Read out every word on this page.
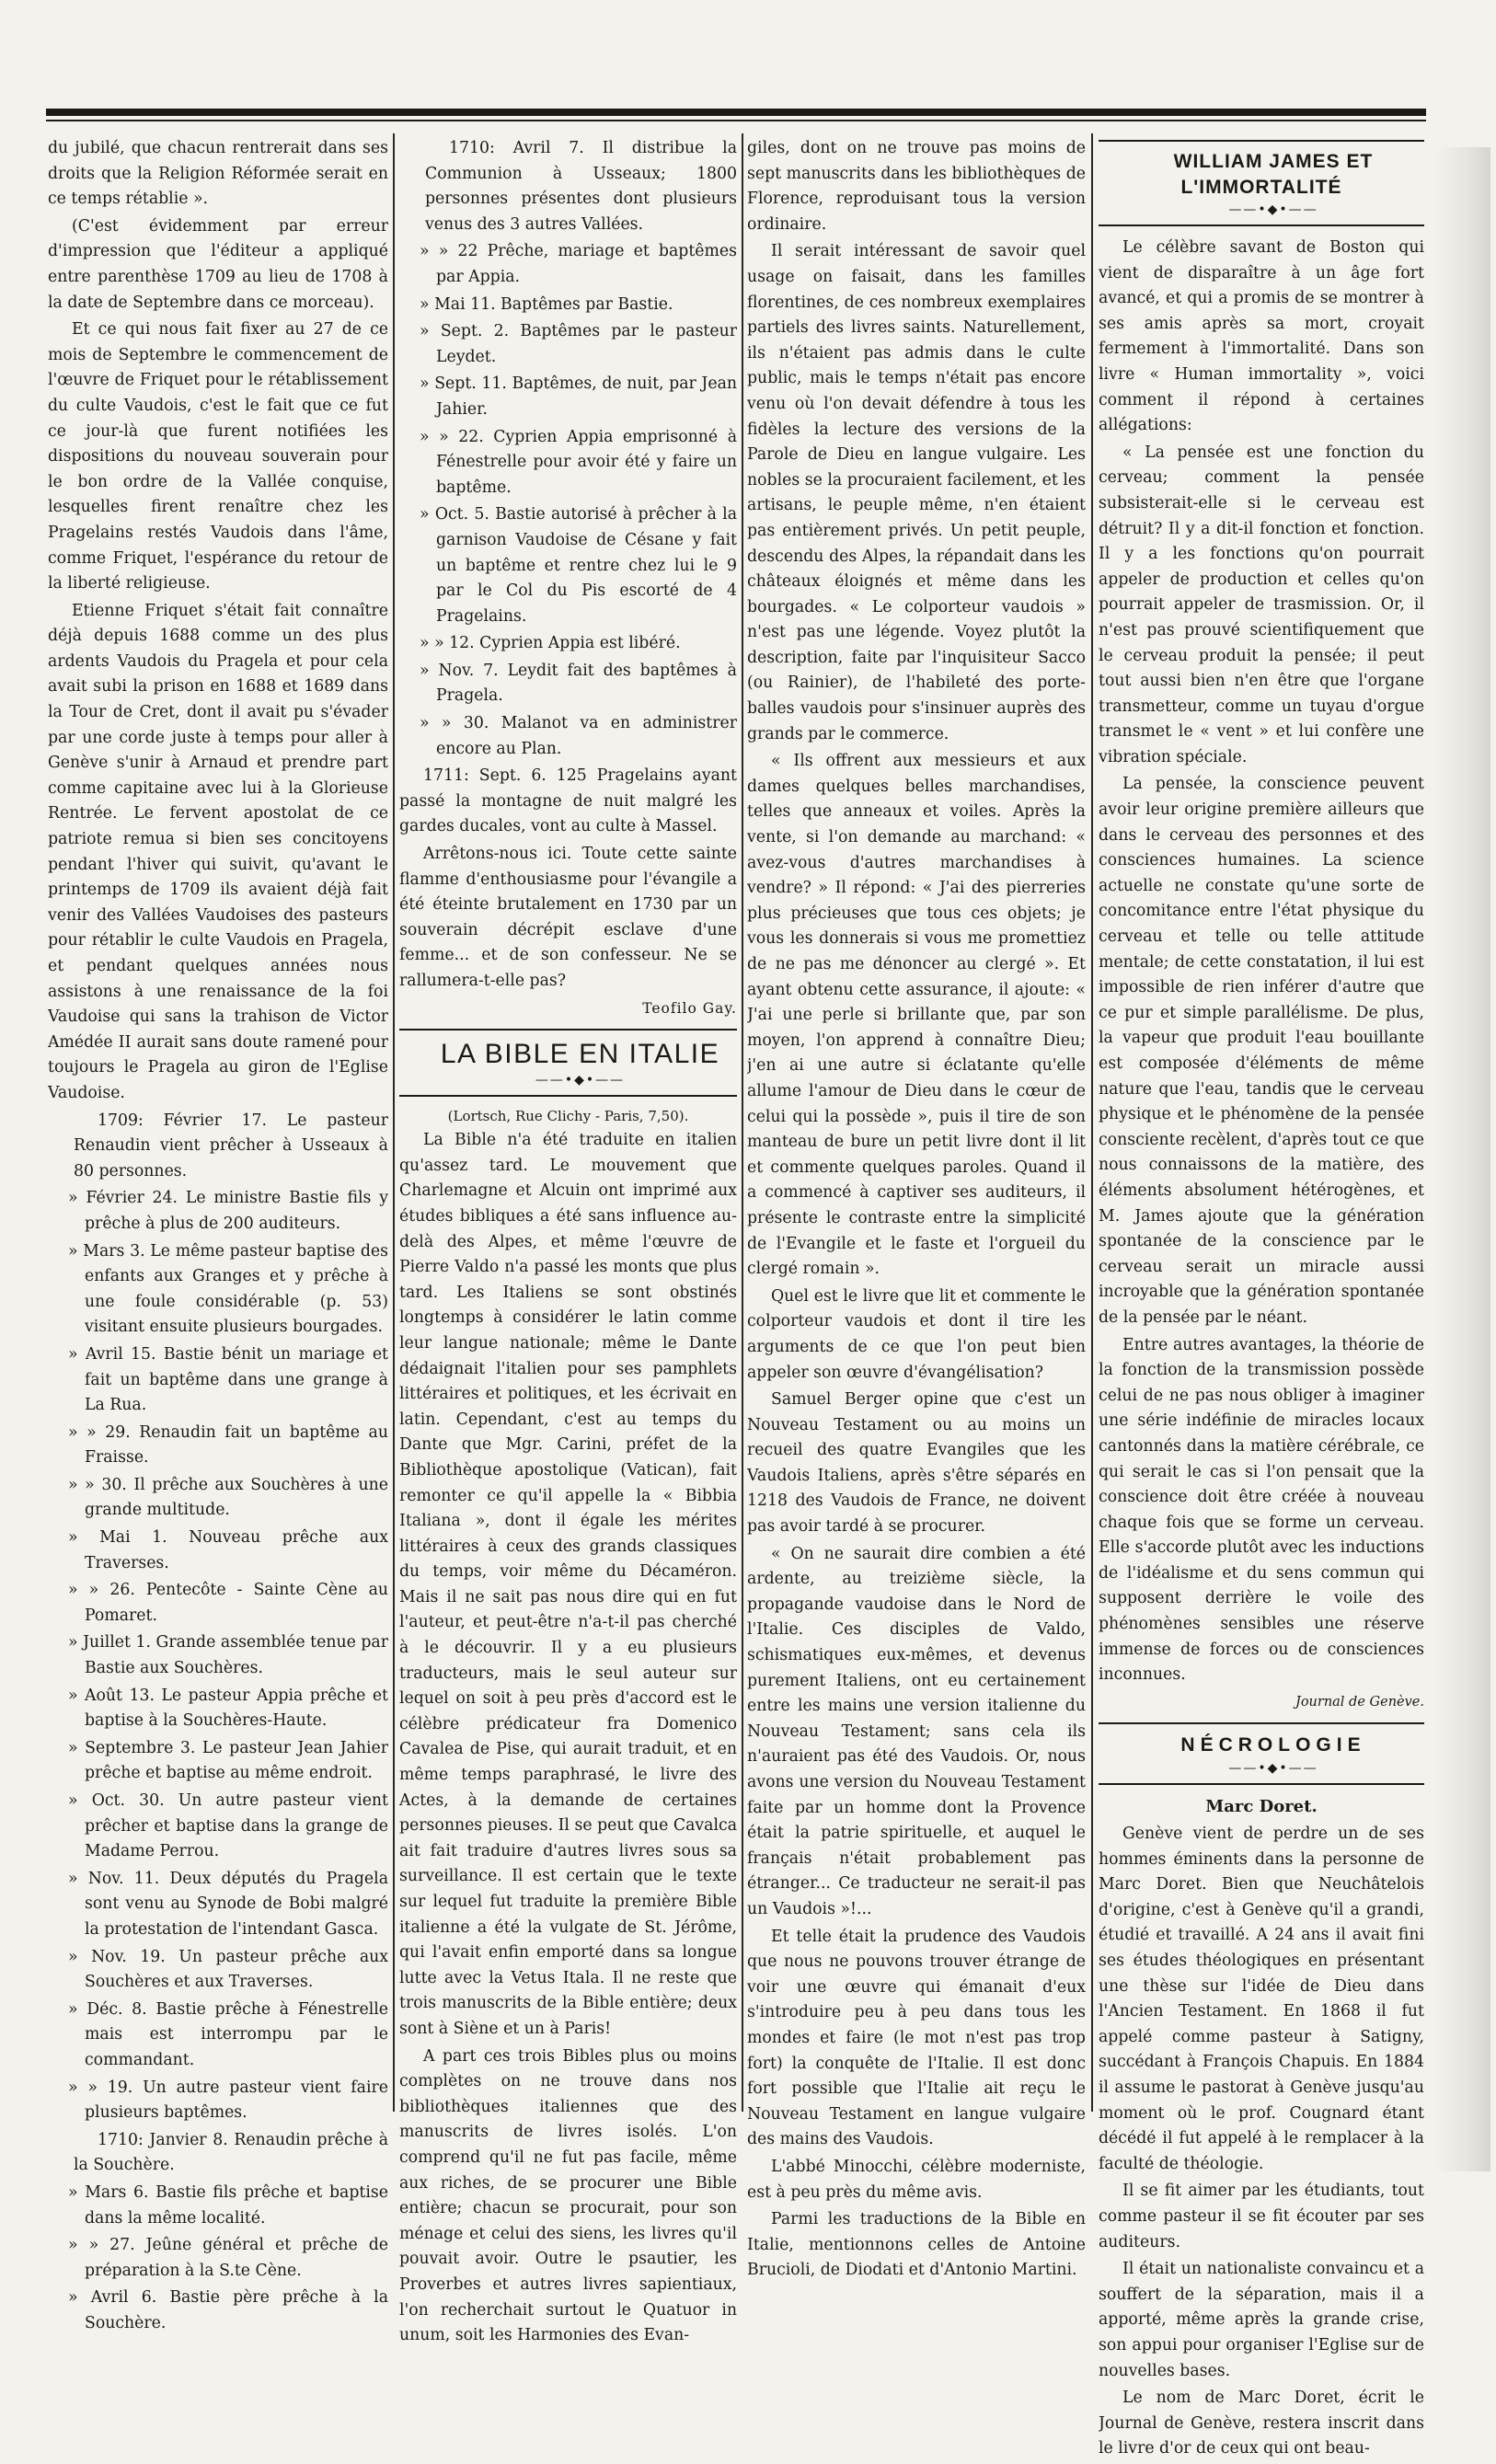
du jubilé, que chacun rentrerait dans ses droits que la Religion Réformée serait en ce temps rétablie ».

(C'est évidemment par erreur d'impression que l'éditeur a appliqué entre parenthèse 1709 au lieu de 1708 à la date de Septembre dans ce morceau).

Et ce qui nous fait fixer au 27 de ce mois de Septembre le commencement de l'œuvre de Friquet pour le rétablissement du culte Vaudois, c'est le fait que ce fut ce jour-là que furent notifiées les dispositions du nouveau souverain pour le bon ordre de la Vallée conquise, lesquelles firent renaître chez les Pragelains restés Vaudois dans l'âme, comme Friquet, l'espérance du retour de la liberté religieuse.

Etienne Friquet s'était fait connaître déjà depuis 1688 comme un des plus ardents Vaudois du Pragela et pour cela avait subi la prison en 1688 et 1689 dans la Tour de Cret, dont il avait pu s'évader par une corde juste à temps pour aller à Genève s'unir à Arnaud et prendre part comme capitaine avec lui à la Glorieuse Rentrée. Le fervent apostolat de ce patriote remua si bien ses concitoyens pendant l'hiver qui suivit, qu'avant le printemps de 1709 ils avaient déjà fait venir des Vallées Vaudoises des pasteurs pour rétablir le culte Vaudois en Pragela, et pendant quelques années nous assistons à une renaissance de la foi Vaudoise qui sans la trahison de Victor Amédée II aurait sans doute ramené pour toujours le Pragela au giron de l'Eglise Vaudoise.

1709: Février 17. Le pasteur Renaudin vient prêcher à Usseaux à 80 personnes.

» Février 24. Le ministre Bastie fils y prêche à plus de 200 auditeurs.

» Mars 3. Le même pasteur baptise des enfants aux Granges et y prêche à une foule considérable (p. 53) visitant ensuite plusieurs bourgades.

» Avril 15. Bastie bénit un mariage et fait un baptême dans une grange à La Rua.

» » 29. Renaudin fait un baptême au Fraisse.

» » 30. Il prêche aux Souchères à une grande multitude.

» Mai 1. Nouveau prêche aux Traverses.

» » 26. Pentecôte - Sainte Cène au Pomaret.

» Juillet 1. Grande assemblée tenue par Bastie aux Souchères.

» Août 13. Le pasteur Appia prêche et baptise à la Souchères-Haute.

» Septembre 3. Le pasteur Jean Jahier prêche et baptise au même endroit.

» Oct. 30. Un autre pasteur vient prêcher et baptise dans la grange de Madame Perrou.

» Nov. 11. Deux députés du Pragela sont venu au Synode de Bobi malgré la protestation de l'intendant Gasca.

» Nov. 19. Un pasteur prêche aux Souchères et aux Traverses.

» Déc. 8. Bastie prêche à Fénestrelle mais est interrompu par le commandant.

» » 19. Un autre pasteur vient faire plusieurs baptêmes.

1710: Janvier 8. Renaudin prêche à la Souchère.

» Mars 6. Bastie fils prêche et baptise dans la même localité.

» » 27. Jeûne général et prêche de préparation à la S.te Cène.

» Avril 6. Bastie père prêche à la Souchère.

1710: Avril 7. Il distribue la Communion à Usseaux; 1800 personnes présentes dont plusieurs venus des 3 autres Vallées.

» » 22 Prêche, mariage et baptêmes par Appia.

» Mai 11. Baptêmes par Bastie.

» Sept. 2. Baptêmes par le pasteur Leydet.

» Sept. 11. Baptêmes, de nuit, par Jean Jahier.

» » 22. Cyprien Appia emprisonné à Fénestrelle pour avoir été y faire un baptême.

» Oct. 5. Bastie autorisé à prêcher à la garnison Vaudoise de Césane y fait un baptême et rentre chez lui le 9 par le Col du Pis escorté de 4 Pragelains.

» » 12. Cyprien Appia est libéré.

» Nov. 7. Leydit fait des baptêmes à Pragela.

» » 30. Malanot va en administrer encore au Plan.

1711: Sept. 6. 125 Pragelains ayant passé la montagne de nuit malgré les gardes ducales, vont au culte à Massel.

Arrêtons-nous ici. Toute cette sainte flamme d'enthousiasme pour l'évangile a été éteinte brutalement en 1730 par un souverain décrépit esclave d'une femme... et de son confesseur. Ne se rallumera-t-elle pas?

Teofilo Gay.

LA BIBLE EN ITALIE

——•◆•——

(Lortsch, Rue Clichy - Paris, 7,50).

La Bible n'a été traduite en italien qu'assez tard. Le mouvement que Charlemagne et Alcuin ont imprimé aux études bibliques a été sans influence au-delà des Alpes, et même l'œuvre de Pierre Valdo n'a passé les monts que plus tard. Les Italiens se sont obstinés longtemps à considérer le latin comme leur langue nationale; même le Dante dédaignait l'italien pour ses pamphlets littéraires et politiques, et les écrivait en latin. Cependant, c'est au temps du Dante que Mgr. Carini, préfet de la Bibliothèque apostolique (Vatican), fait remonter ce qu'il appelle la « Bibbia Italiana », dont il égale les mérites littéraires à ceux des grands classiques du temps, voir même du Décaméron. Mais il ne sait pas nous dire qui en fut l'auteur, et peut-être n'a-t-il pas cherché à le découvrir. Il y a eu plusieurs traducteurs, mais le seul auteur sur lequel on soit à peu près d'accord est le célèbre prédicateur fra Domenico Cavalea de Pise, qui aurait traduit, et en même temps paraphrasé, le livre des Actes, à la demande de certaines personnes pieuses. Il se peut que Cavalca ait fait traduire d'autres livres sous sa surveillance. Il est certain que le texte sur lequel fut traduite la première Bible italienne a été la vulgate de St. Jérôme, qui l'avait enfin emporté dans sa longue lutte avec la Vetus Itala. Il ne reste que trois manuscrits de la Bible entière; deux sont à Siène et un à Paris!

A part ces trois Bibles plus ou moins complètes on ne trouve dans nos bibliothèques italiennes que des manuscrits de livres isolés. L'on comprend qu'il ne fut pas facile, même aux riches, de se procurer une Bible entière; chacun se procurait, pour son ménage et celui des siens, les livres qu'il pouvait avoir. Outre le psautier, les Proverbes et autres livres sapientiaux, l'on recherchait surtout le Quatuor in unum, soit les Harmonies des Evan-

giles, dont on ne trouve pas moins de sept manuscrits dans les bibliothèques de Florence, reproduisant tous la version ordinaire.

Il serait intéressant de savoir quel usage on faisait, dans les familles florentines, de ces nombreux exemplaires partiels des livres saints. Naturellement, ils n'étaient pas admis dans le culte public, mais le temps n'était pas encore venu où l'on devait défendre à tous les fidèles la lecture des versions de la Parole de Dieu en langue vulgaire. Les nobles se la procuraient facilement, et les artisans, le peuple même, n'en étaient pas entièrement privés. Un petit peuple, descendu des Alpes, la répandait dans les châteaux éloignés et même dans les bourgades. « Le colporteur vaudois » n'est pas une légende. Voyez plutôt la description, faite par l'inquisiteur Sacco (ou Rainier), de l'habileté des porte-balles vaudois pour s'insinuer auprès des grands par le commerce.

« Ils offrent aux messieurs et aux dames quelques belles marchandises, telles que anneaux et voiles. Après la vente, si l'on demande au marchand: « avez-vous d'autres marchandises à vendre? » Il répond: « J'ai des pierreries plus précieuses que tous ces objets; je vous les donnerais si vous me promettiez de ne pas me dénoncer au clergé ». Et ayant obtenu cette assurance, il ajoute: « J'ai une perle si brillante que, par son moyen, l'on apprend à connaître Dieu; j'en ai une autre si éclatante qu'elle allume l'amour de Dieu dans le cœur de celui qui la possède », puis il tire de son manteau de bure un petit livre dont il lit et commente quelques paroles. Quand il a commencé à captiver ses auditeurs, il présente le contraste entre la simplicité de l'Evangile et le faste et l'orgueil du clergé romain ».

Quel est le livre que lit et commente le colporteur vaudois et dont il tire les arguments de ce que l'on peut bien appeler son œuvre d'évangélisation?

Samuel Berger opine que c'est un Nouveau Testament ou au moins un recueil des quatre Evangiles que les Vaudois Italiens, après s'être séparés en 1218 des Vaudois de France, ne doivent pas avoir tardé à se procurer.

« On ne saurait dire combien a été ardente, au treizième siècle, la propagande vaudoise dans le Nord de l'Italie. Ces disciples de Valdo, schismatiques eux-mêmes, et devenus purement Italiens, ont eu certainement entre les mains une version italienne du Nouveau Testament; sans cela ils n'auraient pas été des Vaudois. Or, nous avons une version du Nouveau Testament faite par un homme dont la Provence était la patrie spirituelle, et auquel le français n'était probablement pas étranger... Ce traducteur ne serait-il pas un Vaudois »!...

Et telle était la prudence des Vaudois que nous ne pouvons trouver étrange de voir une œuvre qui émanait d'eux s'introduire peu à peu dans tous les mondes et faire (le mot n'est pas trop fort) la conquête de l'Italie. Il est donc fort possible que l'Italie ait reçu le Nouveau Testament en langue vulgaire des mains des Vaudois.

L'abbé Minocchi, célèbre moderniste, est à peu près du même avis.

Parmi les traductions de la Bible en Italie, mentionnons celles de Antoine Brucioli, de Diodati et d'Antonio Martini.

WILLIAM JAMES ET L'IMMORTALITÉ

——•◆•——

Le célèbre savant de Boston qui vient de disparaître à un âge fort avancé, et qui a promis de se montrer à ses amis après sa mort, croyait fermement à l'immortalité. Dans son livre « Human immortality », voici comment il répond à certaines allégations:

« La pensée est une fonction du cerveau; comment la pensée subsisterait-elle si le cerveau est détruit? Il y a dit-il fonction et fonction. Il y a les fonctions qu'on pourrait appeler de production et celles qu'on pourrait appeler de trasmission. Or, il n'est pas prouvé scientifiquement que le cerveau produit la pensée; il peut tout aussi bien n'en être que l'organe transmetteur, comme un tuyau d'orgue transmet le « vent » et lui confère une vibration spéciale.

La pensée, la conscience peuvent avoir leur origine première ailleurs que dans le cerveau des personnes et des consciences humaines. La science actuelle ne constate qu'une sorte de concomitance entre l'état physique du cerveau et telle ou telle attitude mentale; de cette constatation, il lui est impossible de rien inférer d'autre que ce pur et simple parallélisme. De plus, la vapeur que produit l'eau bouillante est composée d'éléments de même nature que l'eau, tandis que le cerveau physique et le phénomène de la pensée consciente recèlent, d'après tout ce que nous connaissons de la matière, des éléments absolument hétérogènes, et M. James ajoute que la génération spontanée de la conscience par le cerveau serait un miracle aussi incroyable que la génération spontanée de la pensée par le néant.

Entre autres avantages, la théorie de la fonction de la transmission possède celui de ne pas nous obliger à imaginer une série indéfinie de miracles locaux cantonnés dans la matière cérébrale, ce qui serait le cas si l'on pensait que la conscience doit être créée à nouveau chaque fois que se forme un cerveau. Elle s'accorde plutôt avec les inductions de l'idéalisme et du sens commun qui supposent derrière le voile des phénomènes sensibles une réserve immense de forces ou de consciences inconnues.

Journal de Genève.

NÉCROLOGIE

——•◆•——

Marc Doret.

Genève vient de perdre un de ses hommes éminents dans la personne de Marc Doret. Bien que Neuchâtelois d'origine, c'est à Genève qu'il a grandi, étudié et travaillé. A 24 ans il avait fini ses études théologiques en présentant une thèse sur l'idée de Dieu dans l'Ancien Testament. En 1868 il fut appelé comme pasteur à Satigny, succédant à François Chapuis. En 1884 il assume le pastorat à Genève jusqu'au moment où le prof. Cougnard étant décédé il fut appelé à le remplacer à la faculté de théologie.

Il se fit aimer par les étudiants, tout comme pasteur il se fit écouter par ses auditeurs.

Il était un nationaliste convaincu et a souffert de la séparation, mais il a apporté, même après la grande crise, son appui pour organiser l'Eglise sur de nouvelles bases.

Le nom de Marc Doret, écrit le Journal de Genève, restera inscrit dans le livre d'or de ceux qui ont beau-
